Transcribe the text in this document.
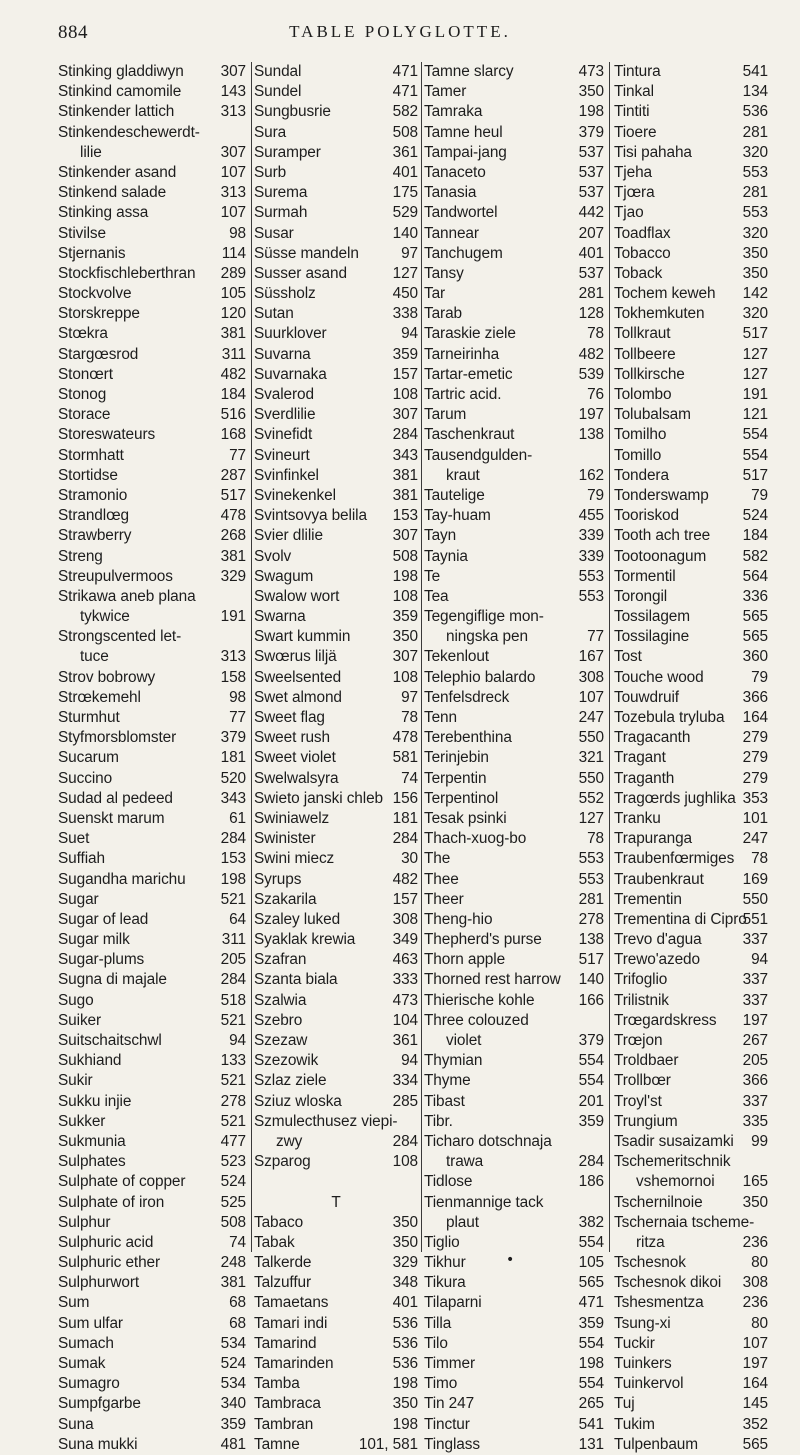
884	TABLE POLYGLOTTE.
Stinking gladdiwyn 307
Stinkind camomile	143
Stinkender lattich	313
Stinkendeschewerdt-
lilie	307
Stinkender asand	107
Stinkend salade	313
Stinking assa	107
Stivilse	98
Stjernanis	114
Stockfischleberthran 289
Stockvolve	105
Storskreppe	120
Stœkra	381
Stargœsrod	311
Stonœrt	482
Stonog	184
Storace	516
Storeswateurs	168
Stormhatt	77
Stortidse	287
Stramonio	517
Strandlœg	478
Strawberry	268
Streng	381
Streupulvermoos	329
Strikawa aneb plana
tykwice	191
Strongscented let-
tuce	313
Strov bobrowy	158
Strœkemehl	98
Sturmhut	77
Styfmorsblomster	379
Sucarum	181
Succino	520
Sudad al pedeed	343
Suenskt marum	61
Suet	284
Suffiah	153
Sugandha marichu 198
Sugar	521
Sugar of lead	64
Sugar milk	311
Sugar-plums	205
Sugna di majale	284
Sugo	518
Suiker	521
Suitschaitschwl	94
Sukhiand	133
Sukir	521
Sukku injie	278
Sukker	521
Sukmunia	477
Sulphates	523
Sulphate of copper 524
Sulphate of iron	525
Sulphur	508
Sulphuric acid	74
Sulphuric ether	248
Sulphurwort	381
Sum	68
Sum ulfar	68
Sumach	534
Sumak	524
Sumagro	534
Sumpfgarbe	340
Suna	359
Suna mukki	481
Sundal	471
Sundel	471
Sungbusrie	582
Sura	508
Suramper	361
Surb	401
Surema	175
Surmah	529
Susar	140
Süsse mandeln	97
Susser asand	127
Süssholz	450
Sutan	338
Suurklover	94
Suvarna	359
Suvarnaka	157
Svalerod	108
Sverdlilie	307
Svinefidt	284
Svineurt	343
Svinfinkel	381
Svinekenkel	381
Svintsovya belila 153
Svier dlilie	307
Svolv	508
Swagum	198
Swalow wort	108
Swarna	359
Swart kummin	350
Swœrus liljä	307
Sweelsented	108
Swet almond	97
Sweet flag	78
Sweet rush	478
Sweet violet	581
Swelwalsyra	74
Swieto janski chleb 156
Swiniawelz	181
Swinister	284
Swini miecz	30
Syrups	482
Szakarila	157
Szaley luked	308
Syaklak krewia 349
Szafran	463
Szanta biala	333
Szalwia	473
Szebro	104
Szezaw	361
Szezowik	94
Szlaz ziele	334
Sziuz wloska	285
Szmulecthusez viepi-
zwy	284
Szparog	108
T
Tabaco	350
Tabak	350
Talkerde	329
Talzuffur	348
Tamaetans	401
Tamari indi	536
Tamarind	536
Tamarinden	536
Tamba	198
Tambraca	350
Tambran	198
Tamne	101, 581
Tamne slarcy	473
Tamer	350
Tamraka	198
Tamne heul	379
Tampai-jang	537
Tanaceto	537
Tanasia	537
Tandwortel	442
Tannear	207
Tanchugem	401
Tansy	537
Tar	281
Tarab	128
Taraskie ziele	78
Tarneirinha	482
Tartar-emetic	539
Tartric acid.	76
Tarum	197
Taschenkraut	138
Tausendgulden-
kraut	162
Tautelige	79
Tay-huam	455
Tayn	339
Taynia	339
Te	553
Tea	553
Tegengiflige mon-
ningska pen	77
Tekenlout	167
Telephio balardo	308
Tenfelsdreck	107
Tenn	247
Terebenthina	550
Terinjebin	321
Terpentin	550
Terpentinol	552
Tesak psinki	127
Thach-xuog-bo	78
The	553
Thee	553
Theer	281
Theng-hio	278
Thepherd's purse 138
Thorn apple	517
Thorned rest harrow 140
Thierische kohle	166
Three colouzed
violet	379
Thymian	554
Thyme	554
Tibast	201
Tibr.	359
Ticharo dotschnaja
trawa	284
Tidlose	186
Tienmannige tack
plaut	382
Tiglio	554
Tikhur	105
Tikura	565
Tilaparni	471
Tilla	359
Tilo	554
Timmer	198
Timo	554
Tin 247	265
Tinctur	541
Tinglass	131
Tintura	541
Tinkal	134
Tintiti	536
Tioere	281
Tisi pahaha	320
Tjeha	553
Tjœra	281
Tjao	553
Toadflax	320
Tobacco	350
Toback	350
Tochem keweh 142
Tokhemkuten 320
Tollkraut	517
Tollbeere	127
Tollkirsche	127
Tolombo	191
Tolubalsam	121
Tomilho	554
Tomillo	554
Tondera	517
Tonderswamp	79
Tooriskod	524
Tooth ach tree 184
Tootoonagum 582
Tormentil	564
Torongil	336
Tossilagem	565
Tossilagine	565
Tost	360
Touche wood	79
Touwdruif	366
Tozebula tryluba 164
Tragacanth	279
Tragant	279
Traganth	279
Tragœrds jughlika 353
Tranku	101
Trapuranga	247
Traubenfœrmiges 78
Traubenkraut	169
Trementin	550
Trementina di Cipro
551
Trevo d'agua	337
Trewo'azedo	94
Trifoglio	337
Trilistnik	337
Trœgardskress 197
Trœjon	267
Troldbaer	205
Trollbœr	366
Troyl'st	337
Trungium	335
Tsadir susaizamki 99
Tschemeritschnik
vshemornoi 165
Tschernilnoie	350
Tschernaia tscheme-
ritza	236
Tschesnok	80
Tschesnok dikoi 308
Tshesmentza	236
Tsung-xi	80
Tuckir	107
Tuinkers	197
Tuinkervol	164
Tuj	145
Tukim	352
Tulpenbaum	565
•
